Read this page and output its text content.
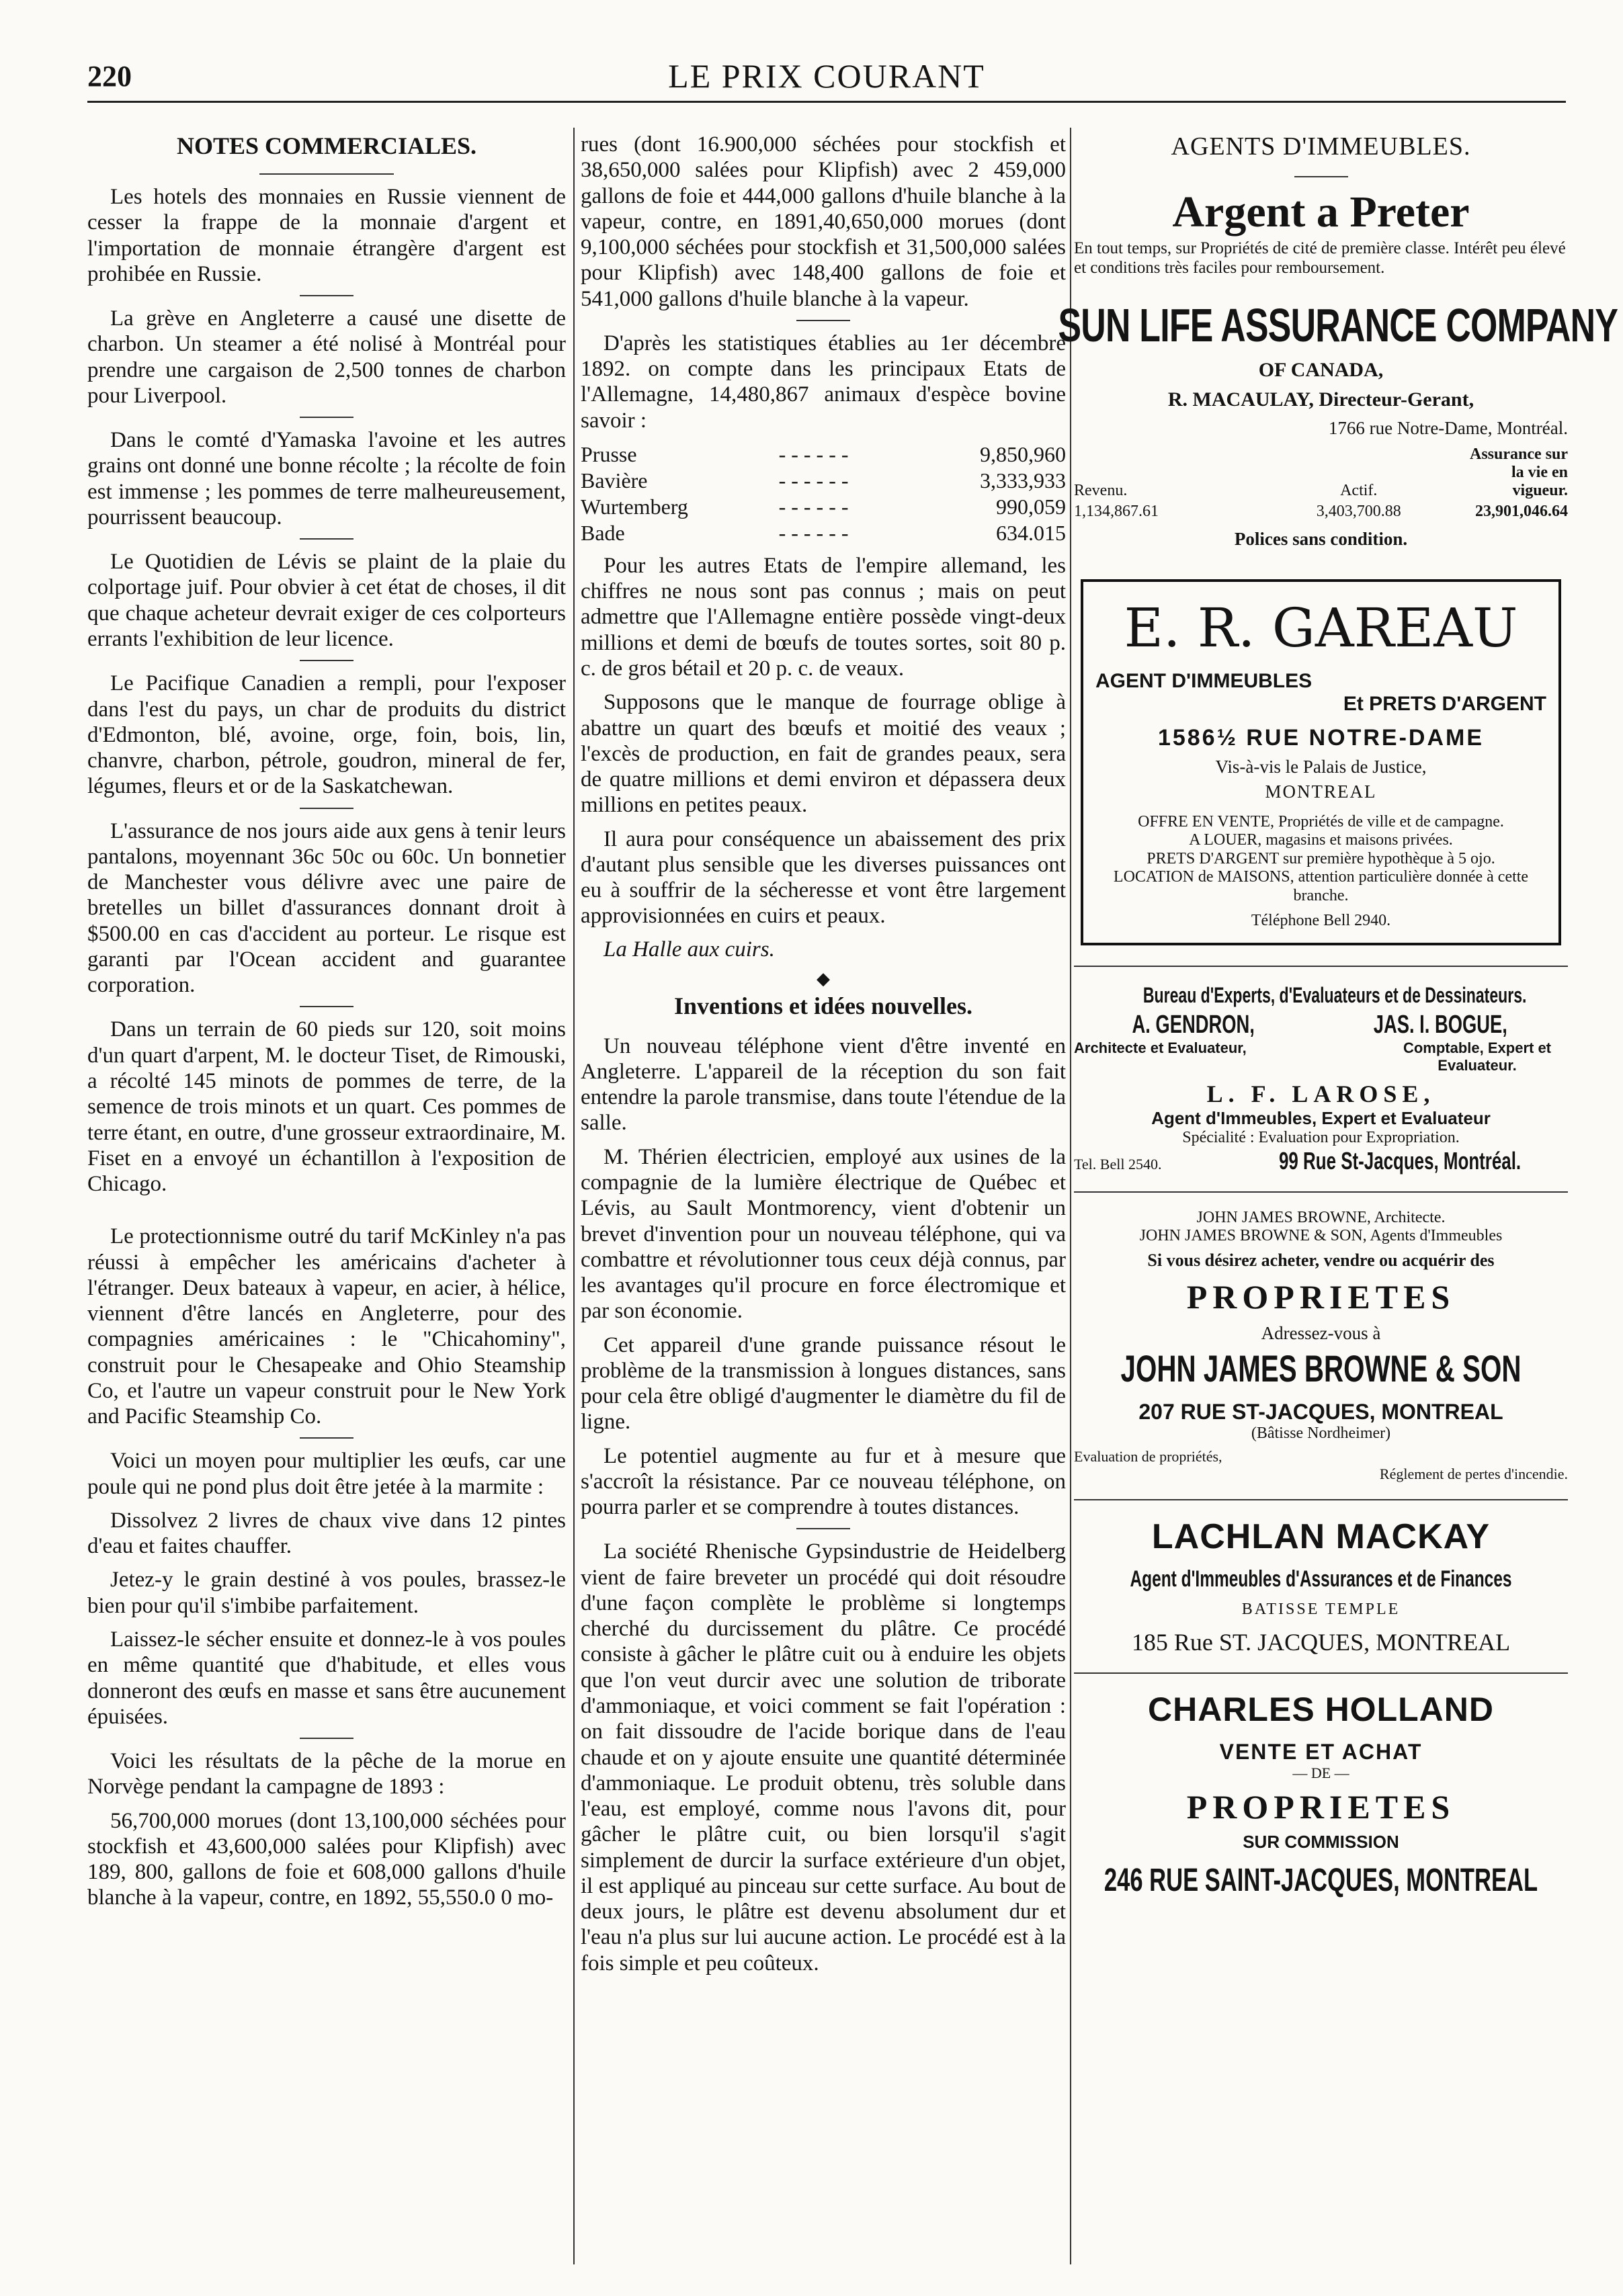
220	LE PRIX COURANT
NOTES COMMERCIALES.

Les hotels des monnaies en Russie viennent de cesser la frappe de la monnaie d'argent et l'importation de monnaie étrangère d'argent est prohibée en Russie.

La grève en Angleterre a causé une disette de charbon. Un steamer a été nolisé à Montréal pour prendre une cargaison de 2,500 tonnes de charbon pour Liverpool.

Dans le comté d'Yamaska l'avoine et les autres grains ont donné une bonne récolte ; la récolte de foin est immense ; les pommes de terre malheureusement, pourrissent beaucoup.

Le Quotidien de Lévis se plaint de la plaie du colportage juif. Pour obvier à cet état de choses, il dit que chaque acheteur devrait exiger de ces colporteurs errants l'exhibition de leur licence.

Le Pacifique Canadien a rempli, pour l'exposer dans l'est du pays, un char de produits du district d'Edmonton, blé, avoine, orge, foin, bois, lin, chanvre, charbon, pétrole, goudron, mineral de fer, légumes, fleurs et or de la Saskatchewan.

L'assurance de nos jours aide aux gens à tenir leurs pantalons, moyennant 36c 50c ou 60c. Un bonnetier de Manchester vous délivre avec une paire de bretelles un billet d'assurances donnant droit à $500.00 en cas d'accident au porteur. Le risque est garanti par l'Ocean accident and guarantee corporation.

Dans un terrain de 60 pieds sur 120, soit moins d'un quart d'arpent, M. le docteur Tiset, de Rimouski, a récolté 145 minots de pommes de terre, de la semence de trois minots et un quart. Ces pommes de terre étant, en outre, d'une grosseur extraordinaire, M. Fiset en a envoyé un échantillon à l'exposition de Chicago.

Le protectionnisme outré du tarif McKinley n'a pas réussi à empêcher les américains d'acheter à l'étranger. Deux bateaux à vapeur, en acier, à hélice, viennent d'être lancés en Angleterre, pour des compagnies américaines : le "Chicahominy", construit pour le Chesapeake and Ohio Steamship Co, et l'autre un vapeur construit pour le New York and Pacific Steamship Co.

Voici un moyen pour multiplier les œufs, car une poule qui ne pond plus doit être jetée à la marmite :

Dissolvez 2 livres de chaux vive dans 12 pintes d'eau et faites chauffer.

Jetez-y le grain destiné à vos poules, brassez-le bien pour qu'il s'imbibe parfaitement.

Laissez-le sécher ensuite et donnez-le à vos poules en même quantité que d'habitude, et elles vous donneront des œufs en masse et sans être aucunement épuisées.

Voici les résultats de la pêche de la morue en Norvège pendant la campagne de 1893 :

56,700,000 morues (dont 13,100,000 séchées pour stockfish et 43,600,000 salées pour Klipfish) avec 189, 800, gallons de foie et 608,000 gallons d'huile blanche à la vapeur, contre, en 1892, 55,550.0 0 mo-

rues (dont 16.900,000 séchées pour stockfish et 38,650,000 salées pour Klipfish) avec 2 459,000 gallons de foie et 444,000 gallons d'huile blanche à la vapeur, contre, en 1891,40,650,000 morues (dont 9,100,000 séchées pour stockfish et 31,500,000 salées pour Klipfish) avec 148,400 gallons de foie et 541,000 gallons d'huile blanche à la vapeur.

D'après les statistiques établies au 1er décembre 1892. on compte dans les principaux Etats de l'Allemagne, 14,480,867 animaux d'espèce bovine savoir :

Prusse	- - - - - -	9,850,960
Bavière	- - - - - -	3,333,933
Wurtemberg	- - - - - -	990,059
Bade	- - - - - -	634.015

Pour les autres Etats de l'empire allemand, les chiffres ne nous sont pas connus ; mais on peut admettre que l'Allemagne entière possède vingt-deux millions et demi de bœufs de toutes sortes, soit 80 p. c. de gros bétail et 20 p. c. de veaux.

Supposons que le manque de fourrage oblige à abattre un quart des bœufs et moitié des veaux ; l'excès de production, en fait de grandes peaux, sera de quatre millions et demi environ et dépassera deux millions en petites peaux.

Il aura pour conséquence un abaissement des prix d'autant plus sensible que les diverses puissances ont eu à souffrir de la sécheresse et vont être largement approvisionnées en cuirs et peaux.

La Halle aux cuirs.
◆
Inventions et idées nouvelles.

Un nouveau téléphone vient d'être inventé en Angleterre. L'appareil de la réception du son fait entendre la parole transmise, dans toute l'étendue de la salle.

M. Thérien électricien, employé aux usines de la compagnie de la lumière électrique de Québec et Lévis, au Sault Montmorency, vient d'obtenir un brevet d'invention pour un nouveau téléphone, qui va combattre et révolutionner tous ceux déjà connus, par les avantages qu'il procure en force électromique et par son économie.

Cet appareil d'une grande puissance résout le problème de la transmission à longues distances, sans pour cela être obligé d'augmenter le diamètre du fil de ligne.

Le potentiel augmente au fur et à mesure que s'accroît la résistance. Par ce nouveau téléphone, on pourra parler et se comprendre à toutes distances.

La société Rhenische Gypsindustrie de Heidelberg vient de faire breveter un procédé qui doit résoudre d'une façon complète le problème si longtemps cherché du durcissement du plâtre. Ce procédé consiste à gâcher le plâtre cuit ou à enduire les objets que l'on veut durcir avec une solution de triborate d'ammoniaque, et voici comment se fait l'opération : on fait dissoudre de l'acide borique dans de l'eau chaude et on y ajoute ensuite une quantité déterminée d'ammoniaque. Le produit obtenu, très soluble dans l'eau, est employé, comme nous l'avons dit, pour gâcher le plâtre cuit, ou bien lorsqu'il s'agit simplement de durcir la surface extérieure d'un objet, il est appliqué au pinceau sur cette surface. Au bout de deux jours, le plâtre est devenu absolument dur et l'eau n'a plus sur lui aucune action. Le procédé est à la fois simple et peu coûteux.

AGENTS D'IMMEUBLES.
Argent a Preter
En tout temps, sur Propriétés de cité de première classe. Intérêt peu élevé et conditions très faciles pour remboursement.
SUN LIFE ASSURANCE COMPANY
OF CANADA,
R. MACAULAY, Directeur-Gerant,
1766 rue Notre-Dame, Montréal.
Revenu.	Actif.	Assurance sur la vie en vigueur.
1,134,867.61	3,403,700.88	23,901,046.64
Polices sans condition.
E. R. GAREAU
AGENT D'IMMEUBLES
Et PRETS D'ARGENT
1586½ RUE NOTRE-DAME
Vis-à-vis le Palais de Justice,
MONTREAL
OFFRE EN VENTE, Propriétés de ville et de campagne.
A LOUER, magasins et maisons privées.
PRETS D'ARGENT sur première hypothèque à 5 ojo.
LOCATION de MAISONS, attention particulière donnée à cette branche.
Téléphone Bell 2940.
Bureau d'Experts, d'Evaluateurs et de Dessinateurs.
A. GENDRON,	JAS. I. BOGUE,
Architecte et Evaluateur,	Comptable, Expert et Evaluateur.
L. F. LAROSE,
Agent d'Immeubles, Expert et Evaluateur
Spécialité : Evaluation pour Expropriation.
Tel. Bell 2540.	99 Rue St-Jacques, Montréal.
JOHN JAMES BROWNE, Architecte.
JOHN JAMES BROWNE & SON, Agents d'Immeubles
Si vous désirez acheter, vendre ou acquérir des
PROPRIETES
Adressez-vous à
JOHN JAMES BROWNE & SON
207 RUE ST-JACQUES, MONTREAL
(Bâtisse Nordheimer)
Evaluation de propriétés,
Réglement de pertes d'incendie.
LACHLAN MACKAY
Agent d'Immeubles d'Assurances et de Finances
BATISSE TEMPLE
185 Rue ST. JACQUES, MONTREAL
CHARLES HOLLAND
VENTE ET ACHAT
— DE —
PROPRIETES
SUR COMMISSION
246 RUE SAINT-JACQUES, MONTREAL
